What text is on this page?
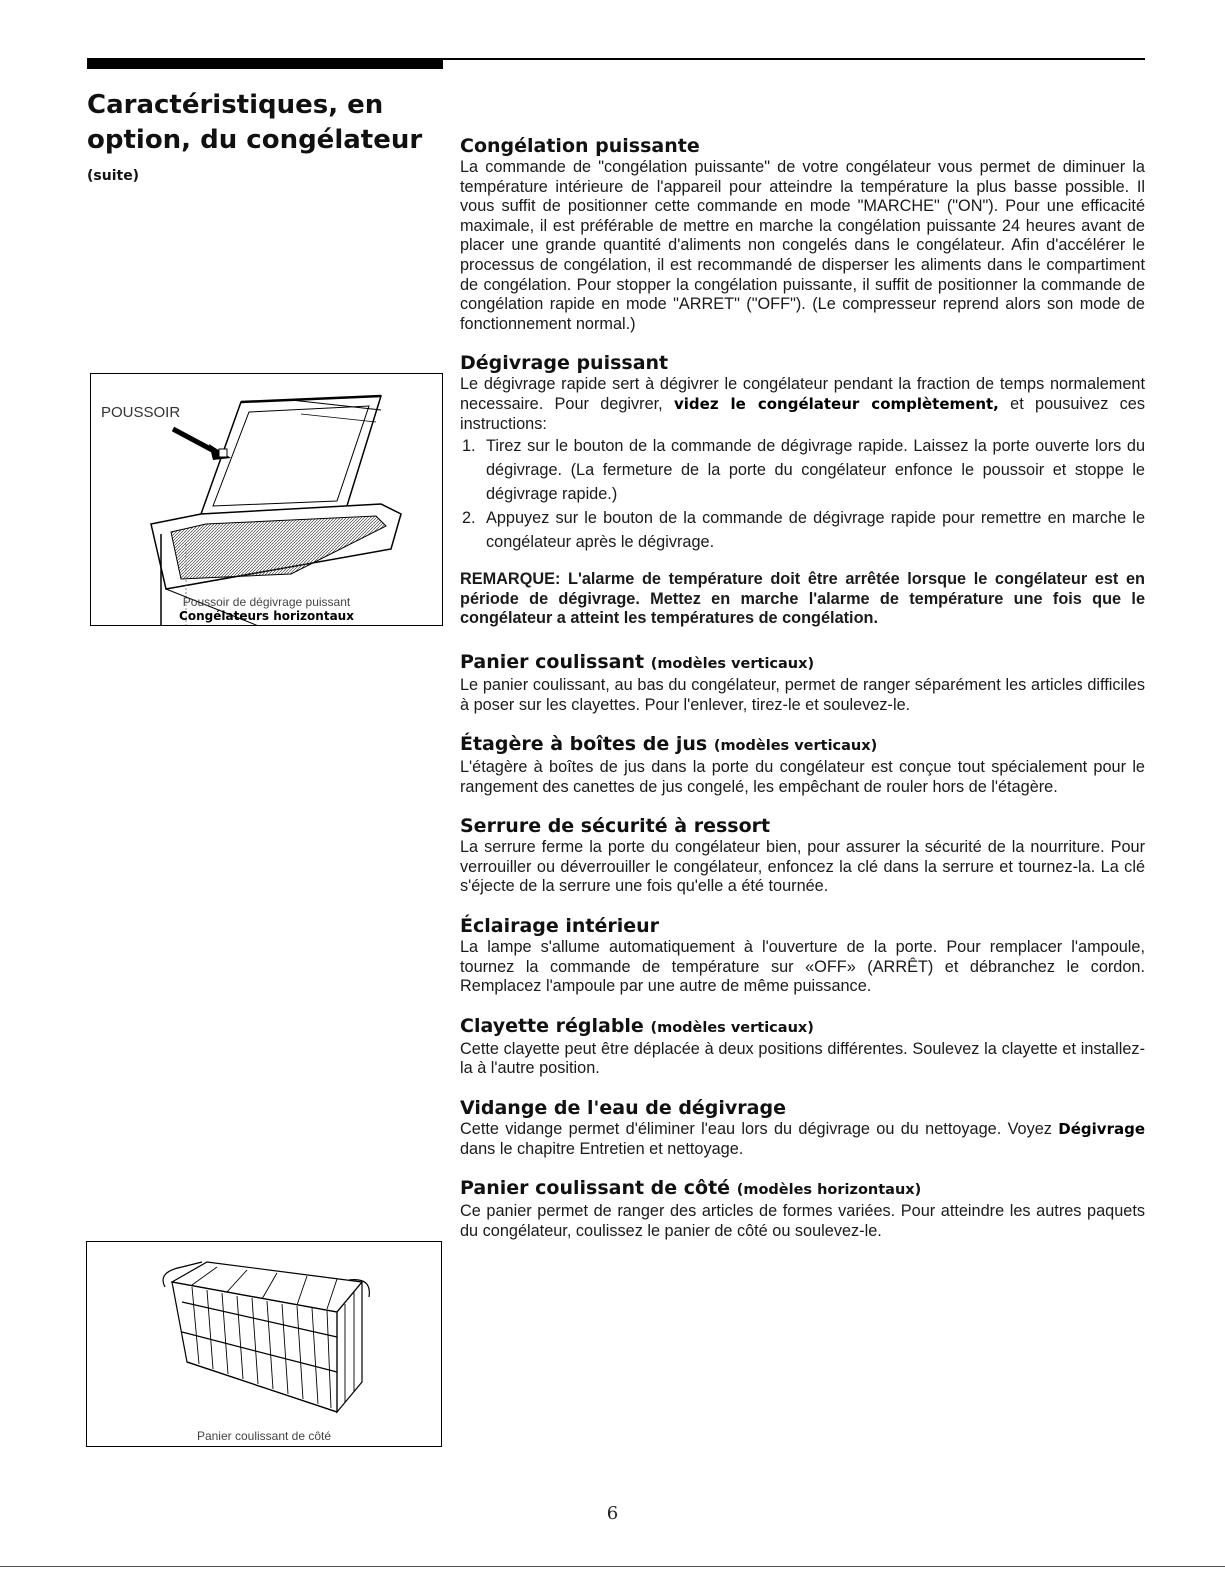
Caractéristiques, en option, du congélateur
(suite)
POUSSOIR
Poussoir de dégivrage puissant
Congélateurs horizontaux
Panier coulissant de côté
Congélation puissante

La commande de "congélation puissante" de votre congélateur vous permet de diminuer la température intérieure de l'appareil pour atteindre la température la plus basse possible. Il vous suffit de positionner cette commande en mode "MARCHE" ("ON"). Pour une efficacité maximale, il est préférable de mettre en marche la congélation puissante 24 heures avant de placer une grande quantité d'aliments non congelés dans le congélateur. Afin d'accélérer le processus de congélation, il est recommandé de disperser les aliments dans le compartiment de congélation. Pour stopper la congélation puissante, il suffit de positionner la commande de congélation rapide en mode "ARRET" ("OFF"). (Le compresseur reprend alors son mode de fonctionnement normal.)

Dégivrage puissant

Le dégivrage rapide sert à dégivrer le congélateur pendant la fraction de temps normalement necessaire. Pour degivrer, videz le congélateur complètement, et pousuivez ces instructions:

1. Tirez sur le bouton de la commande de dégivrage rapide. Laissez la porte ouverte lors du dégivrage. (La fermeture de la porte du congélateur enfonce le poussoir et stoppe le dégivrage rapide.)
2. Appuyez sur le bouton de la commande de dégivrage rapide pour remettre en marche le congélateur après le dégivrage.

REMARQUE: L'alarme de température doit être arrêtée lorsque le congélateur est en période de dégivrage. Mettez en marche l'alarme de température une fois que le congélateur a atteint les températures de congélation.

Panier coulissant (modèles verticaux)

Le panier coulissant, au bas du congélateur, permet de ranger séparément les articles difficiles à poser sur les clayettes. Pour l'enlever, tirez-le et soulevez-le.

Étagère à boîtes de jus (modèles verticaux)

L'étagère à boîtes de jus dans la porte du congélateur est conçue tout spécialement pour le rangement des canettes de jus congelé, les empêchant de rouler hors de l'étagère.

Serrure de sécurité à ressort

La serrure ferme la porte du congélateur bien, pour assurer la sécurité de la nourriture. Pour verrouiller ou déverrouiller le congélateur, enfoncez la clé dans la serrure et tournez-la. La clé s'éjecte de la serrure une fois qu'elle a été tournée.

Éclairage intérieur

La lampe s'allume automatiquement à l'ouverture de la porte. Pour remplacer l'ampoule, tournez la commande de température sur «OFF» (ARRÊT) et débranchez le cordon. Remplacez l'ampoule par une autre de même puissance.

Clayette réglable (modèles verticaux)

Cette clayette peut être déplacée à deux positions différentes. Soulevez la clayette et installez-la à l'autre position.

Vidange de l'eau de dégivrage

Cette vidange permet d'éliminer l'eau lors du dégivrage ou du nettoyage. Voyez Dégivrage dans le chapitre Entretien et nettoyage.

Panier coulissant de côté (modèles horizontaux)

Ce panier permet de ranger des articles de formes variées. Pour atteindre les autres paquets du congélateur, coulissez le panier de côté ou soulevez-le.

6
